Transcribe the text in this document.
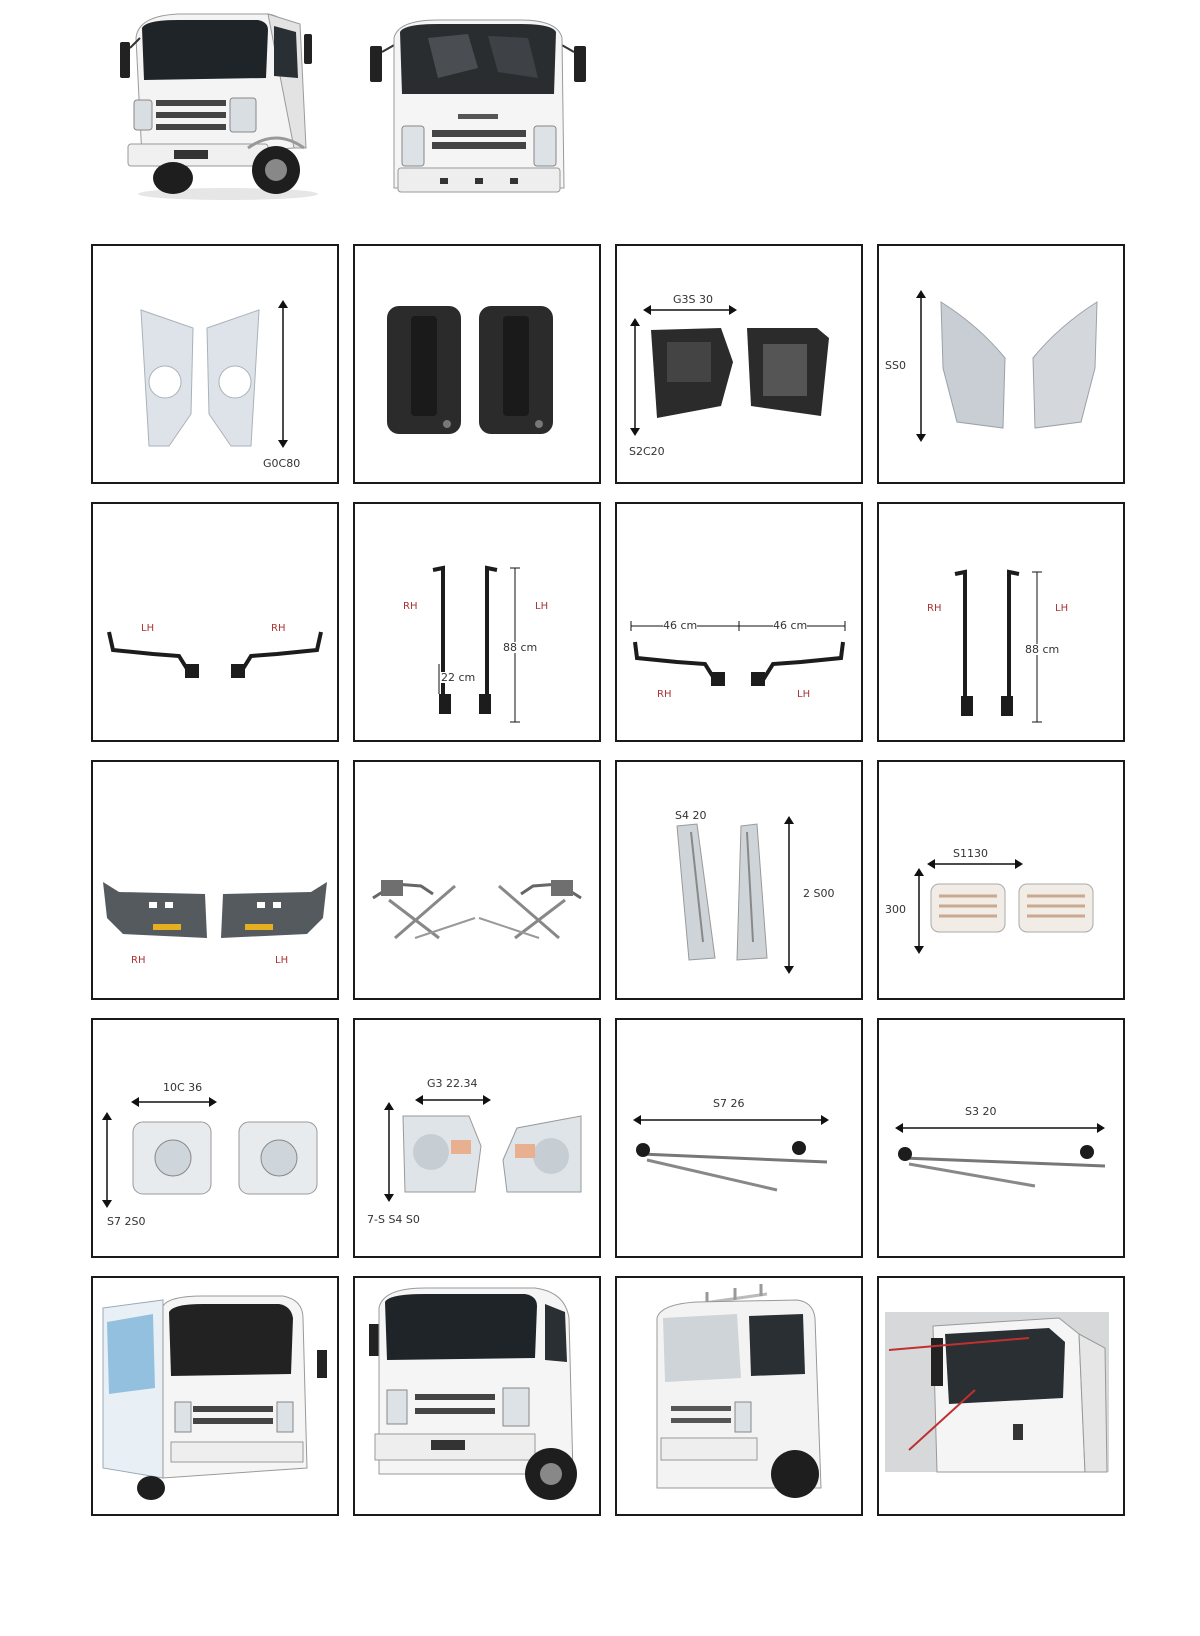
G0C80
G3S 30
S2C20
SS0
LH	RH
RH	LH
88 cm
22 cm
46 cm	46 cm
RH	LH
RH	LH
88 cm
RH	LH
S4 20
2 S00
S1130
300
10C 36
S7 2S0
G3 22.34
7-S S4 S0
S7 26
S3 20
